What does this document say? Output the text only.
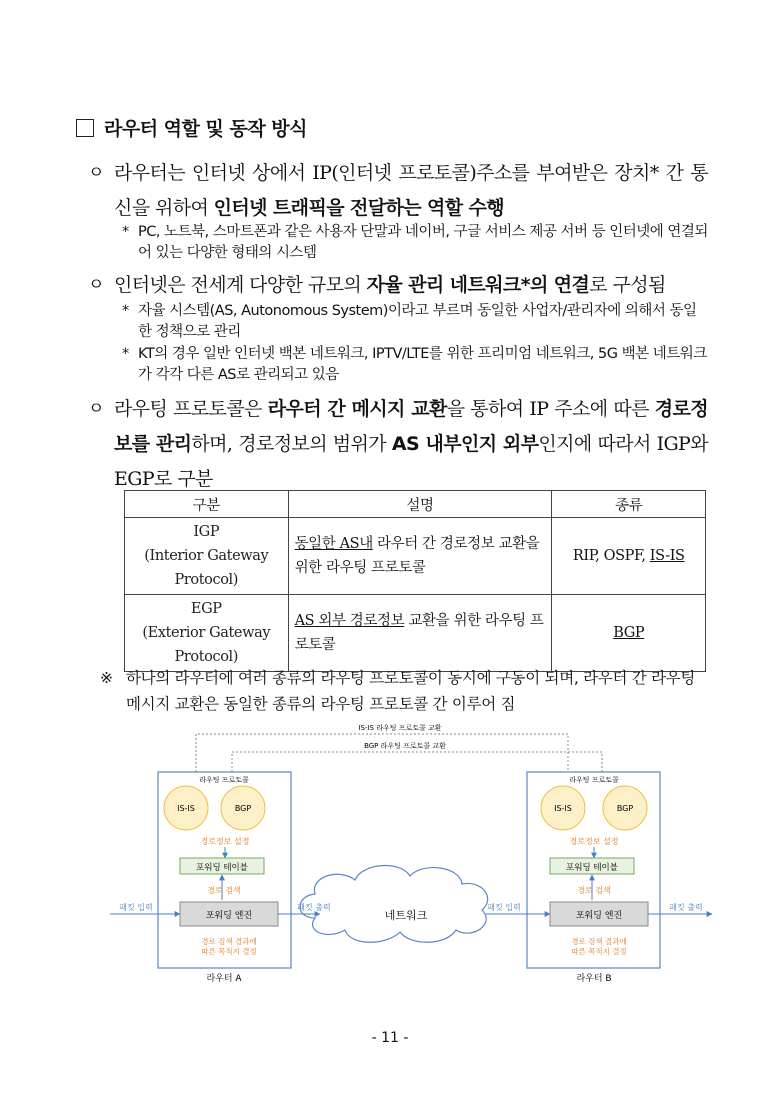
라우터 역할 및 동작 방식
ㅇ 라우터는 인터넷 상에서 IP(인터넷 프로토콜)주소를 부여받은 장치* 간 통신을 위하여 인터넷 트래픽을 전달하는 역할 수행
* PC, 노트북, 스마트폰과 같은 사용자 단말과 네이버, 구글 서비스 제공 서버 등 인터넷에 연결되어 있는 다양한 형태의 시스템
ㅇ 인터넷은 전세계 다양한 규모의 자율 관리 네트워크*의 연결로 구성됨
* 자율 시스템(AS, Autonomous System)이라고 부르며 동일한 사업자/관리자에 의해서 동일한 정책으로 관리
* KT의 경우 일반 인터넷 백본 네트워크, IPTV/LTE를 위한 프리미엄 네트워크, 5G 백본 네트워크가 각각 다른 AS로 관리되고 있음
ㅇ 라우팅 프로토콜은 라우터 간 메시지 교환을 통하여 IP 주소에 따른 경로정보를 관리하며, 경로정보의 범위가 AS 내부인지 외부인지에 따라서 IGP와 EGP로 구분
구분	설명	종류
IGP
(Interior Gateway
Protocol)	동일한 AS내 라우터 간 경로정보 교환을 위한 라우팅 프로토콜	RIP, OSPF, IS-IS
EGP
(Exterior Gateway
Protocol)	AS 외부 경로정보 교환을 위한 라우팅 프로토콜	BGP
※ 하나의 라우터에 여러 종류의 라우팅 프로토콜이 동시에 구동이 되며, 라우터 간 라우팅 메시지 교환은 동일한 종류의 라우팅 프로토콜 간 이루어 짐
IS-IS 라우팅 프로토콜 교환
BGP 라우팅 프로토콜 교환
라우팅 프로토콜
IS-IS	BGP
경로정보 설정
포워딩 테이블
경로 검색
포워딩 엔진
경로 검색 결과에
따른 목적지 결정
라우터 A
라우팅 프로토콜
IS-IS	BGP
경로정보 설정
포워딩 테이블
경로 검색
포워딩 엔진
경로 검색 결과에
따른 목적지 결정
라우터 B
네트워크
패킷 입력	패킷 출력	패킷 입력	패킷 출력
- 11 -
